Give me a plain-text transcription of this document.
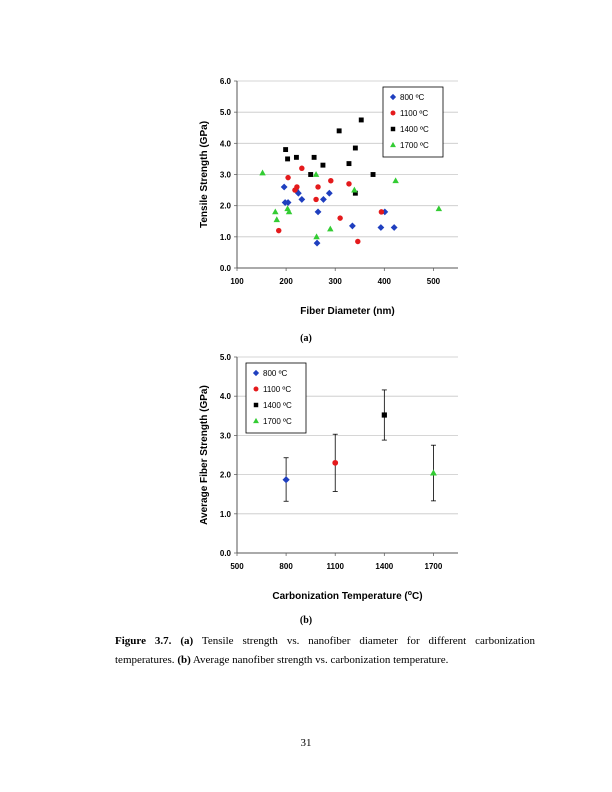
0.0
1.0
2.0
3.0
4.0
5.0
6.0
100	200	300	400	500
Fiber Diameter (nm)
Tensile Strength (GPa)
800 ºC
1100 ºC
1400 ºC
1700 ºC
(a)
0.0
1.0
2.0
3.0
4.0
5.0
500	800	1100	1400	1700
Carbonization Temperature ($^o$C)
Average Fiber Strength (GPa)
800 ºC
1100 ºC
1400 ºC
1700 ºC
(b)
Figure 3.7. (a) Tensile strength vs. nanofiber diameter for different carbonization temperatures. (b) Average nanofiber strength vs. carbonization temperature.
31
